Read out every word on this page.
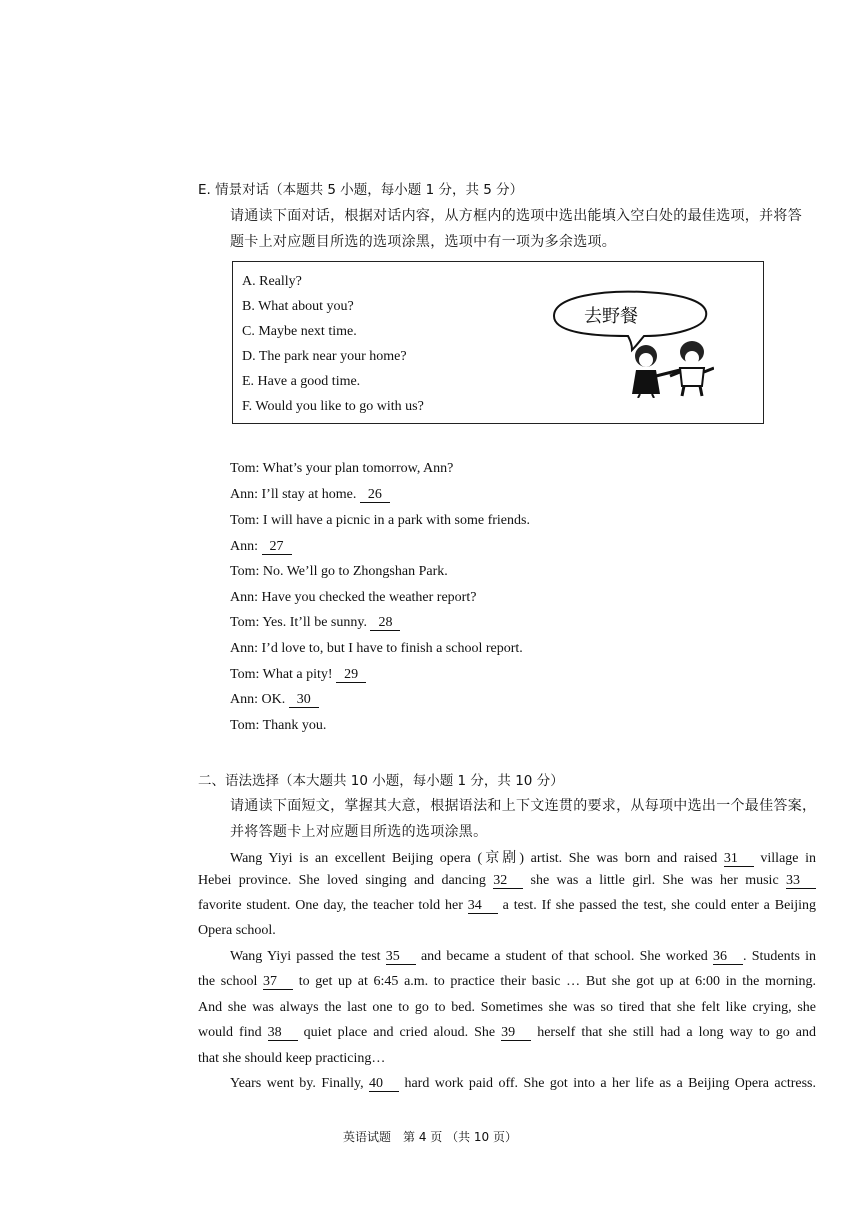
E. 情景对话（本题共 5 小题，每小题 1 分，共 5 分）
请通读下面对话，根据对话内容，从方框内的选项中选出能填入空白处的最佳选项，并将答
题卡上对应题目所选的选项涂黑，选项中有一项为多余选项。
A. Really?
B. What about you?
C. Maybe next time.
D. The park near your home?
E. Have a good time.
F. Would you like to go with us?
去野餐
Tom: What’s your plan tomorrow, Ann?
Ann: I’ll stay at home. 26
Tom: I will have a picnic in a park with some friends.
Ann: 27
Tom: No. We’ll go to Zhongshan Park.
Ann: Have you checked the weather report?
Tom: Yes. It’ll be sunny. 28
Ann: I’d love to, but I have to finish a school report.
Tom: What a pity! 29
Ann: OK. 30
Tom: Thank you.
二、语法选择（本大题共 10 小题，每小题 1 分，共 10 分）
请通读下面短文，掌握其大意，根据语法和上下文连贯的要求，从每项中选出一个最佳答案，
并将答题卡上对应题目所选的选项涂黑。
Wang Yiyi is an excellent Beijing opera (京剧) artist. She was born and raised 31 village in
Hebei province. She loved singing and dancing 32 she was a little girl. She was her music 33
favorite student. One day, the teacher told her 34 a test. If she passed the test, she could enter a Beijing
Opera school.
Wang Yiyi passed the test 35 and became a student of that school. She worked 36 . Students in
the school 37 to get up at 6:45 a.m. to practice their basic … But she got up at 6:00 in the morning.
And she was always the last one to go to bed. Sometimes she was so tired that she felt like crying, she
would find 38 quiet place and cried aloud. She 39 herself that she still had a long way to go and
that she should keep practicing…
Years went by. Finally, 40 hard work paid off. She got into a her life as a Beijing Opera actress.
英语试题　第 4 页 （共 10 页）
